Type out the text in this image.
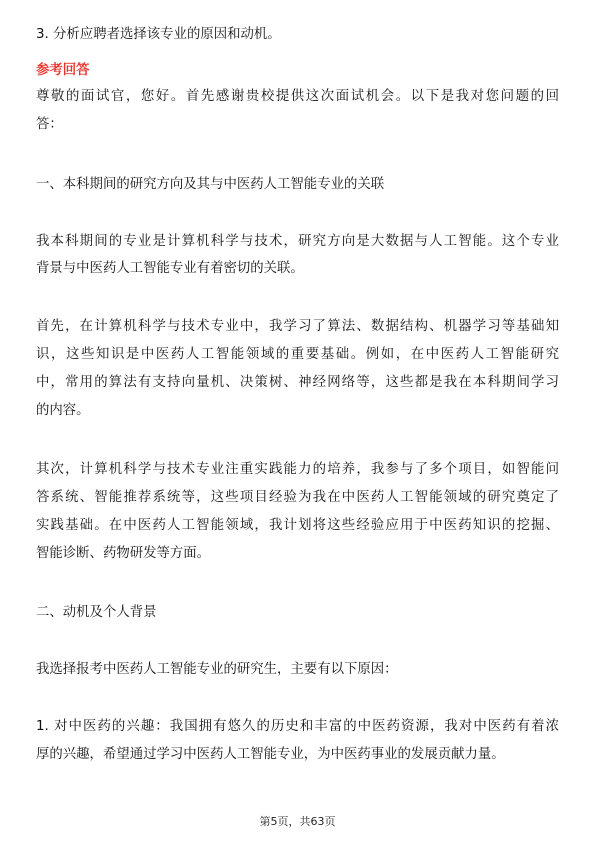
3. 分析应聘者选择该专业的原因和动机。
参考回答
尊敬的面试官，您好。首先感谢贵校提供这次面试机会。以下是我对您问题的回
答：
一、本科期间的研究方向及其与中医药人工智能专业的关联
我本科期间的专业是计算机科学与技术，研究方向是大数据与人工智能。这个专业
背景与中医药人工智能专业有着密切的关联。
首先，在计算机科学与技术专业中，我学习了算法、数据结构、机器学习等基础知
识，这些知识是中医药人工智能领域的重要基础。例如，在中医药人工智能研究
中，常用的算法有支持向量机、决策树、神经网络等，这些都是我在本科期间学习
的内容。
其次，计算机科学与技术专业注重实践能力的培养，我参与了多个项目，如智能问
答系统、智能推荐系统等，这些项目经验为我在中医药人工智能领域的研究奠定了
实践基础。在中医药人工智能领域，我计划将这些经验应用于中医药知识的挖掘、
智能诊断、药物研发等方面。
二、动机及个人背景
我选择报考中医药人工智能专业的研究生，主要有以下原因：
1. 对中医药的兴趣：我国拥有悠久的历史和丰富的中医药资源，我对中医药有着浓
厚的兴趣，希望通过学习中医药人工智能专业，为中医药事业的发展贡献力量。
第5页，共63页
